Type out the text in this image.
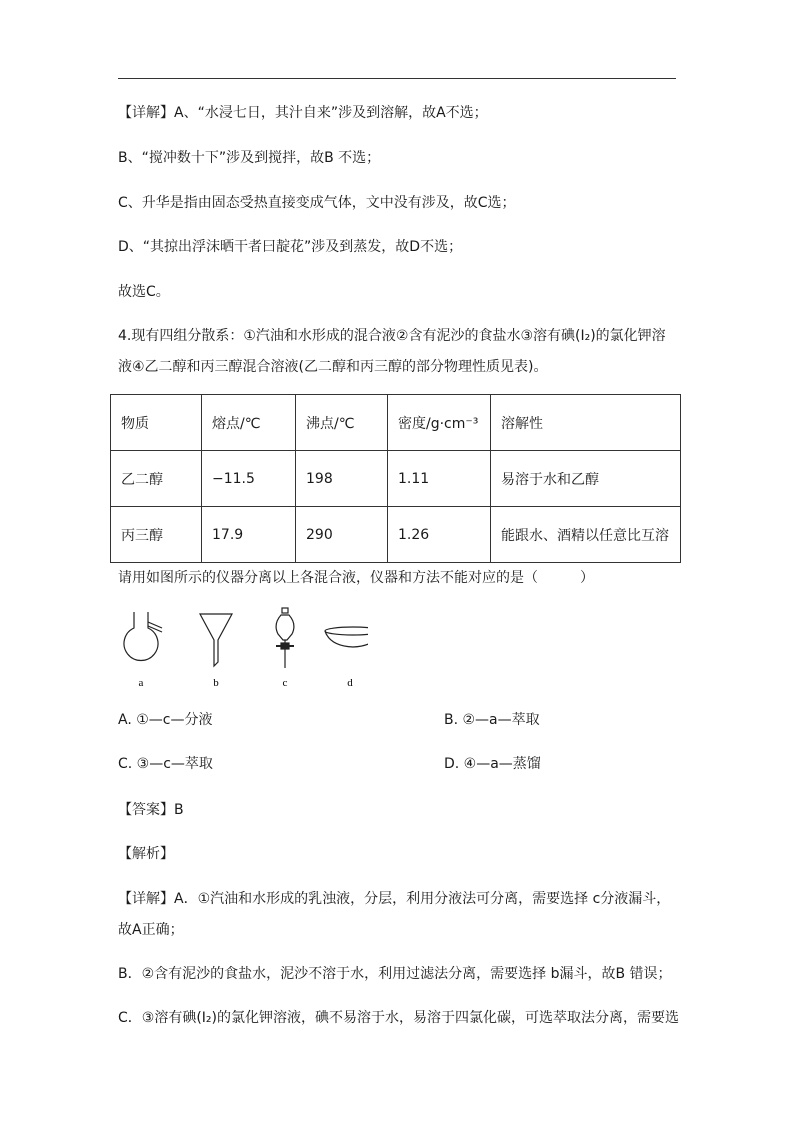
【详解】A、“水浸七日，其汁自来”涉及到溶解，故A不选；
B、“搅冲数十下”涉及到搅拌，故B 不选；
C、升华是指由固态受热直接变成气体，文中没有涉及，故C选；
D、“其掠出浮沫晒干者曰靛花”涉及到蒸发，故D不选；
故选C。
4.现有四组分散系：①汽油和水形成的混合液②含有泥沙的食盐水③溶有碘(I₂)的氯化钾溶
液④乙二醇和丙三醇混合溶液(乙二醇和丙三醇的部分物理性质见表)。
物质	熔点/℃	沸点/℃	密度/g·cm⁻³	溶解性
乙二醇	−11.5	198	1.11	易溶于水和乙醇
丙三醇	17.9	290	1.26	能跟水、酒精以任意比互溶
请用如图所示的仪器分离以上各混合液，仪器和方法不能对应的是（　　　）
a	b	c	d
A. ①—c—分液	B. ②—a—萃取
C. ③—c—萃取	D. ④—a—蒸馏
【答案】B
【解析】
【详解】A．①汽油和水形成的乳浊液，分层，利用分液法可分离，需要选择 c分液漏斗，
故A正确；
B．②含有泥沙的食盐水，泥沙不溶于水，利用过滤法分离，需要选择 b漏斗，故B 错误；
C．③溶有碘(I₂)的氯化钾溶液，碘不易溶于水，易溶于四氯化碳，可选萃取法分离，需要选
